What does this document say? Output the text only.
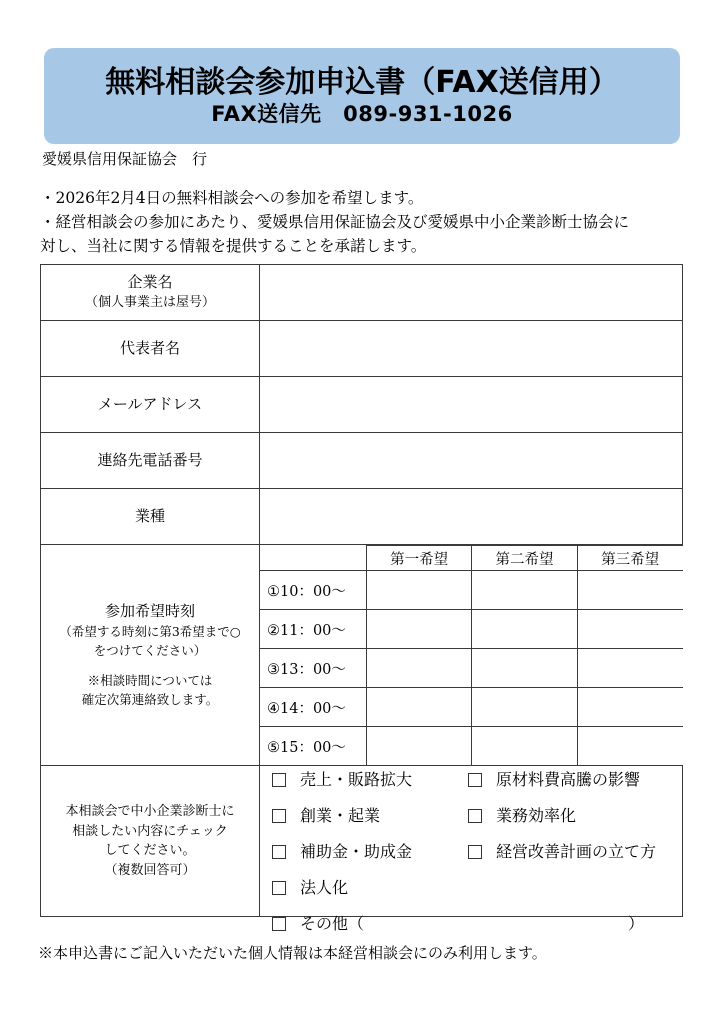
無料相談会参加申込書（FAX送信用）
FAX送信先　089-931-1026
愛媛県信用保証協会　行

・2026年2月4日の無料相談会への参加を希望します。

・経営相談会の参加にあたり、愛媛県信用保証協会及び愛媛県中小企業診断士協会に

対し、当社に関する情報を提供することを承諾します。

企業名
（個人事業主は屋号）

代表者名

メールアドレス

連絡先電話番号

業種

参加希望時刻
（希望する時刻に第3希望まで○
をつけてください）
※相談時間については
確定次第連絡致します。

	第一希望	第二希望	第三希望
①10：00～			
②11：00～			
③13：00～			
④14：00～			
⑤15：00～			

本相談会で中小企業診断士に
相談したい内容にチェック
してください。
（複数回答可）

売上・販路拡大
創業・起業
補助金・助成金
法人化
その他（	）
原材料費高騰の影響
業務効率化
経営改善計画の立て方
※本申込書にご記入いただいた個人情報は本経営相談会にのみ利用します。
